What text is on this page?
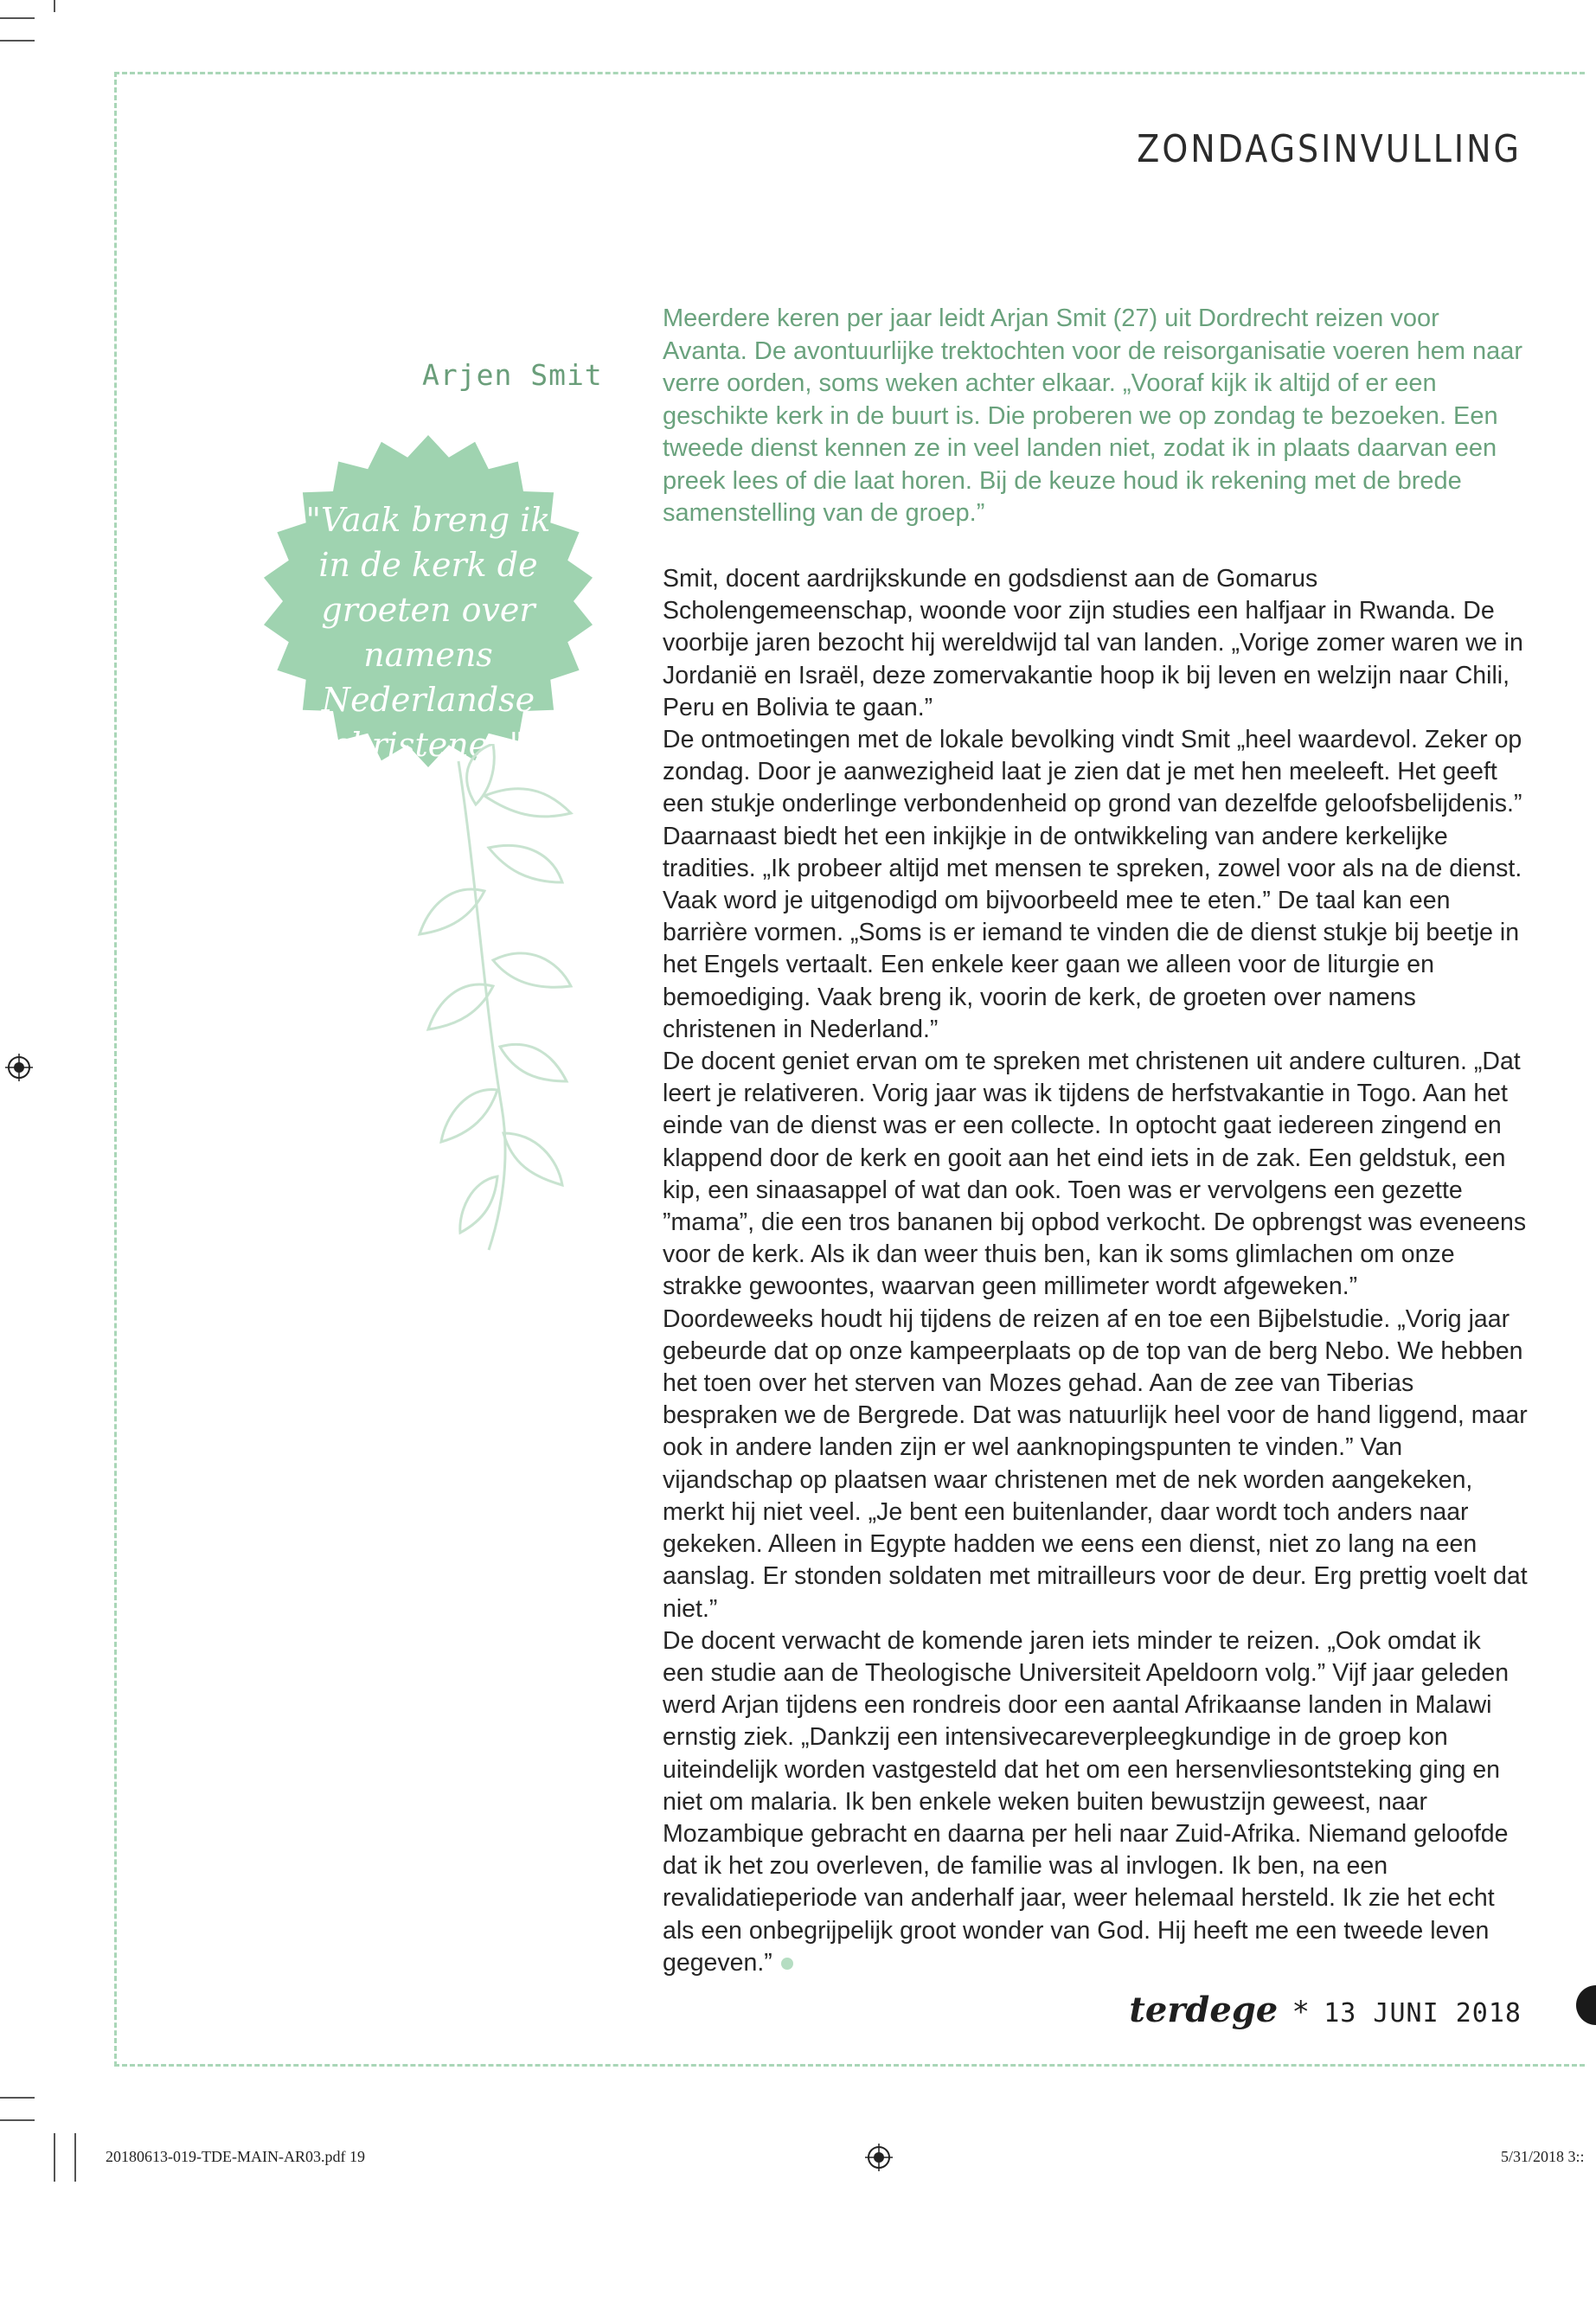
ZONDAGSINVULLING
Arjen Smit
"Vaak breng ik in de kerk de groeten over namens Nederlandse christenen"
Meerdere keren per jaar leidt Arjan Smit (27) uit Dordrecht reizen voor Avanta. De avontuurlijke trektochten voor de reisorganisatie voeren hem naar verre oorden, soms weken achter elkaar. „Vooraf kijk ik altijd of er een geschikte kerk in de buurt is. Die proberen we op zondag te bezoeken. Een tweede dienst kennen ze in veel landen niet, zodat ik in plaats daarvan een preek lees of die laat horen. Bij de keuze houd ik rekening met de brede samenstelling van de groep.”

Smit, docent aardrijkskunde en godsdienst aan de Gomarus Scholengemeenschap, woonde voor zijn studies een halfjaar in Rwanda. De voorbije jaren bezocht hij wereldwijd tal van landen. „Vorige zomer waren we in Jordanië en Israël, deze zomervakantie hoop ik bij leven en welzijn naar Chili, Peru en Bolivia te gaan.”

De ontmoetingen met de lokale bevolking vindt Smit „heel waardevol. Zeker op zondag. Door je aanwezigheid laat je zien dat je met hen meeleeft. Het geeft een stukje onderlinge verbondenheid op grond van dezelfde geloofsbelijdenis.” Daarnaast biedt het een inkijkje in de ontwikkeling van andere kerkelijke tradities. „Ik probeer altijd met mensen te spreken, zowel voor als na de dienst. Vaak word je uitgenodigd om bijvoorbeeld mee te eten.” De taal kan een barrière vormen. „Soms is er iemand te vinden die de dienst stukje bij beetje in het Engels vertaalt. Een enkele keer gaan we alleen voor de liturgie en bemoediging. Vaak breng ik, voorin de kerk, de groeten over namens christenen in Nederland.”

De docent geniet ervan om te spreken met christenen uit andere culturen. „Dat leert je relativeren. Vorig jaar was ik tijdens de herfstvakantie in Togo. Aan het einde van de dienst was er een collecte. In optocht gaat iedereen zingend en klappend door de kerk en gooit aan het eind iets in de zak. Een geldstuk, een kip, een sinaasappel of wat dan ook. Toen was er vervolgens een gezette ”mama”, die een tros bananen bij opbod verkocht. De opbrengst was eveneens voor de kerk. Als ik dan weer thuis ben, kan ik soms glimlachen om onze strakke gewoontes, waarvan geen millimeter wordt afgeweken.”

Doordeweeks houdt hij tijdens de reizen af en toe een Bijbelstudie. „Vorig jaar gebeurde dat op onze kampeerplaats op de top van de berg Nebo. We hebben het toen over het sterven van Mozes gehad. Aan de zee van Tiberias bespraken we de Bergrede. Dat was natuurlijk heel voor de hand liggend, maar ook in andere landen zijn er wel aanknopingspunten te vinden.” Van vijandschap op plaatsen waar christenen met de nek worden aangekeken, merkt hij niet veel. „Je bent een buitenlander, daar wordt toch anders naar gekeken. Alleen in Egypte hadden we eens een dienst, niet zo lang na een aanslag. Er stonden soldaten met mitrailleurs voor de deur. Erg prettig voelt dat niet.”

De docent verwacht de komende jaren iets minder te reizen. „Ook omdat ik een studie aan de Theologische Universiteit Apeldoorn volg.” Vijf jaar geleden werd Arjan tijdens een rondreis door een aantal Afrikaanse landen in Malawi ernstig ziek. „Dankzij een intensivecareverpleegkundige in de groep kon uiteindelijk worden vastgesteld dat het om een hersenvliesontsteking ging en niet om malaria. Ik ben enkele weken buiten bewustzijn geweest, naar Mozambique gebracht en daarna per heli naar Zuid-Afrika. Niemand geloofde dat ik het zou overleven, de familie was al invlogen. Ik ben, na een revalidatieperiode van anderhalf jaar, weer helemaal hersteld. Ik zie het echt als een onbegrijpelijk groot wonder van God. Hij heeft me een tweede leven gegeven.”

terdege * 13 JUNI 2018
20180613-019-TDE-MAIN-AR03.pdf 19	5/31/2018 3::
